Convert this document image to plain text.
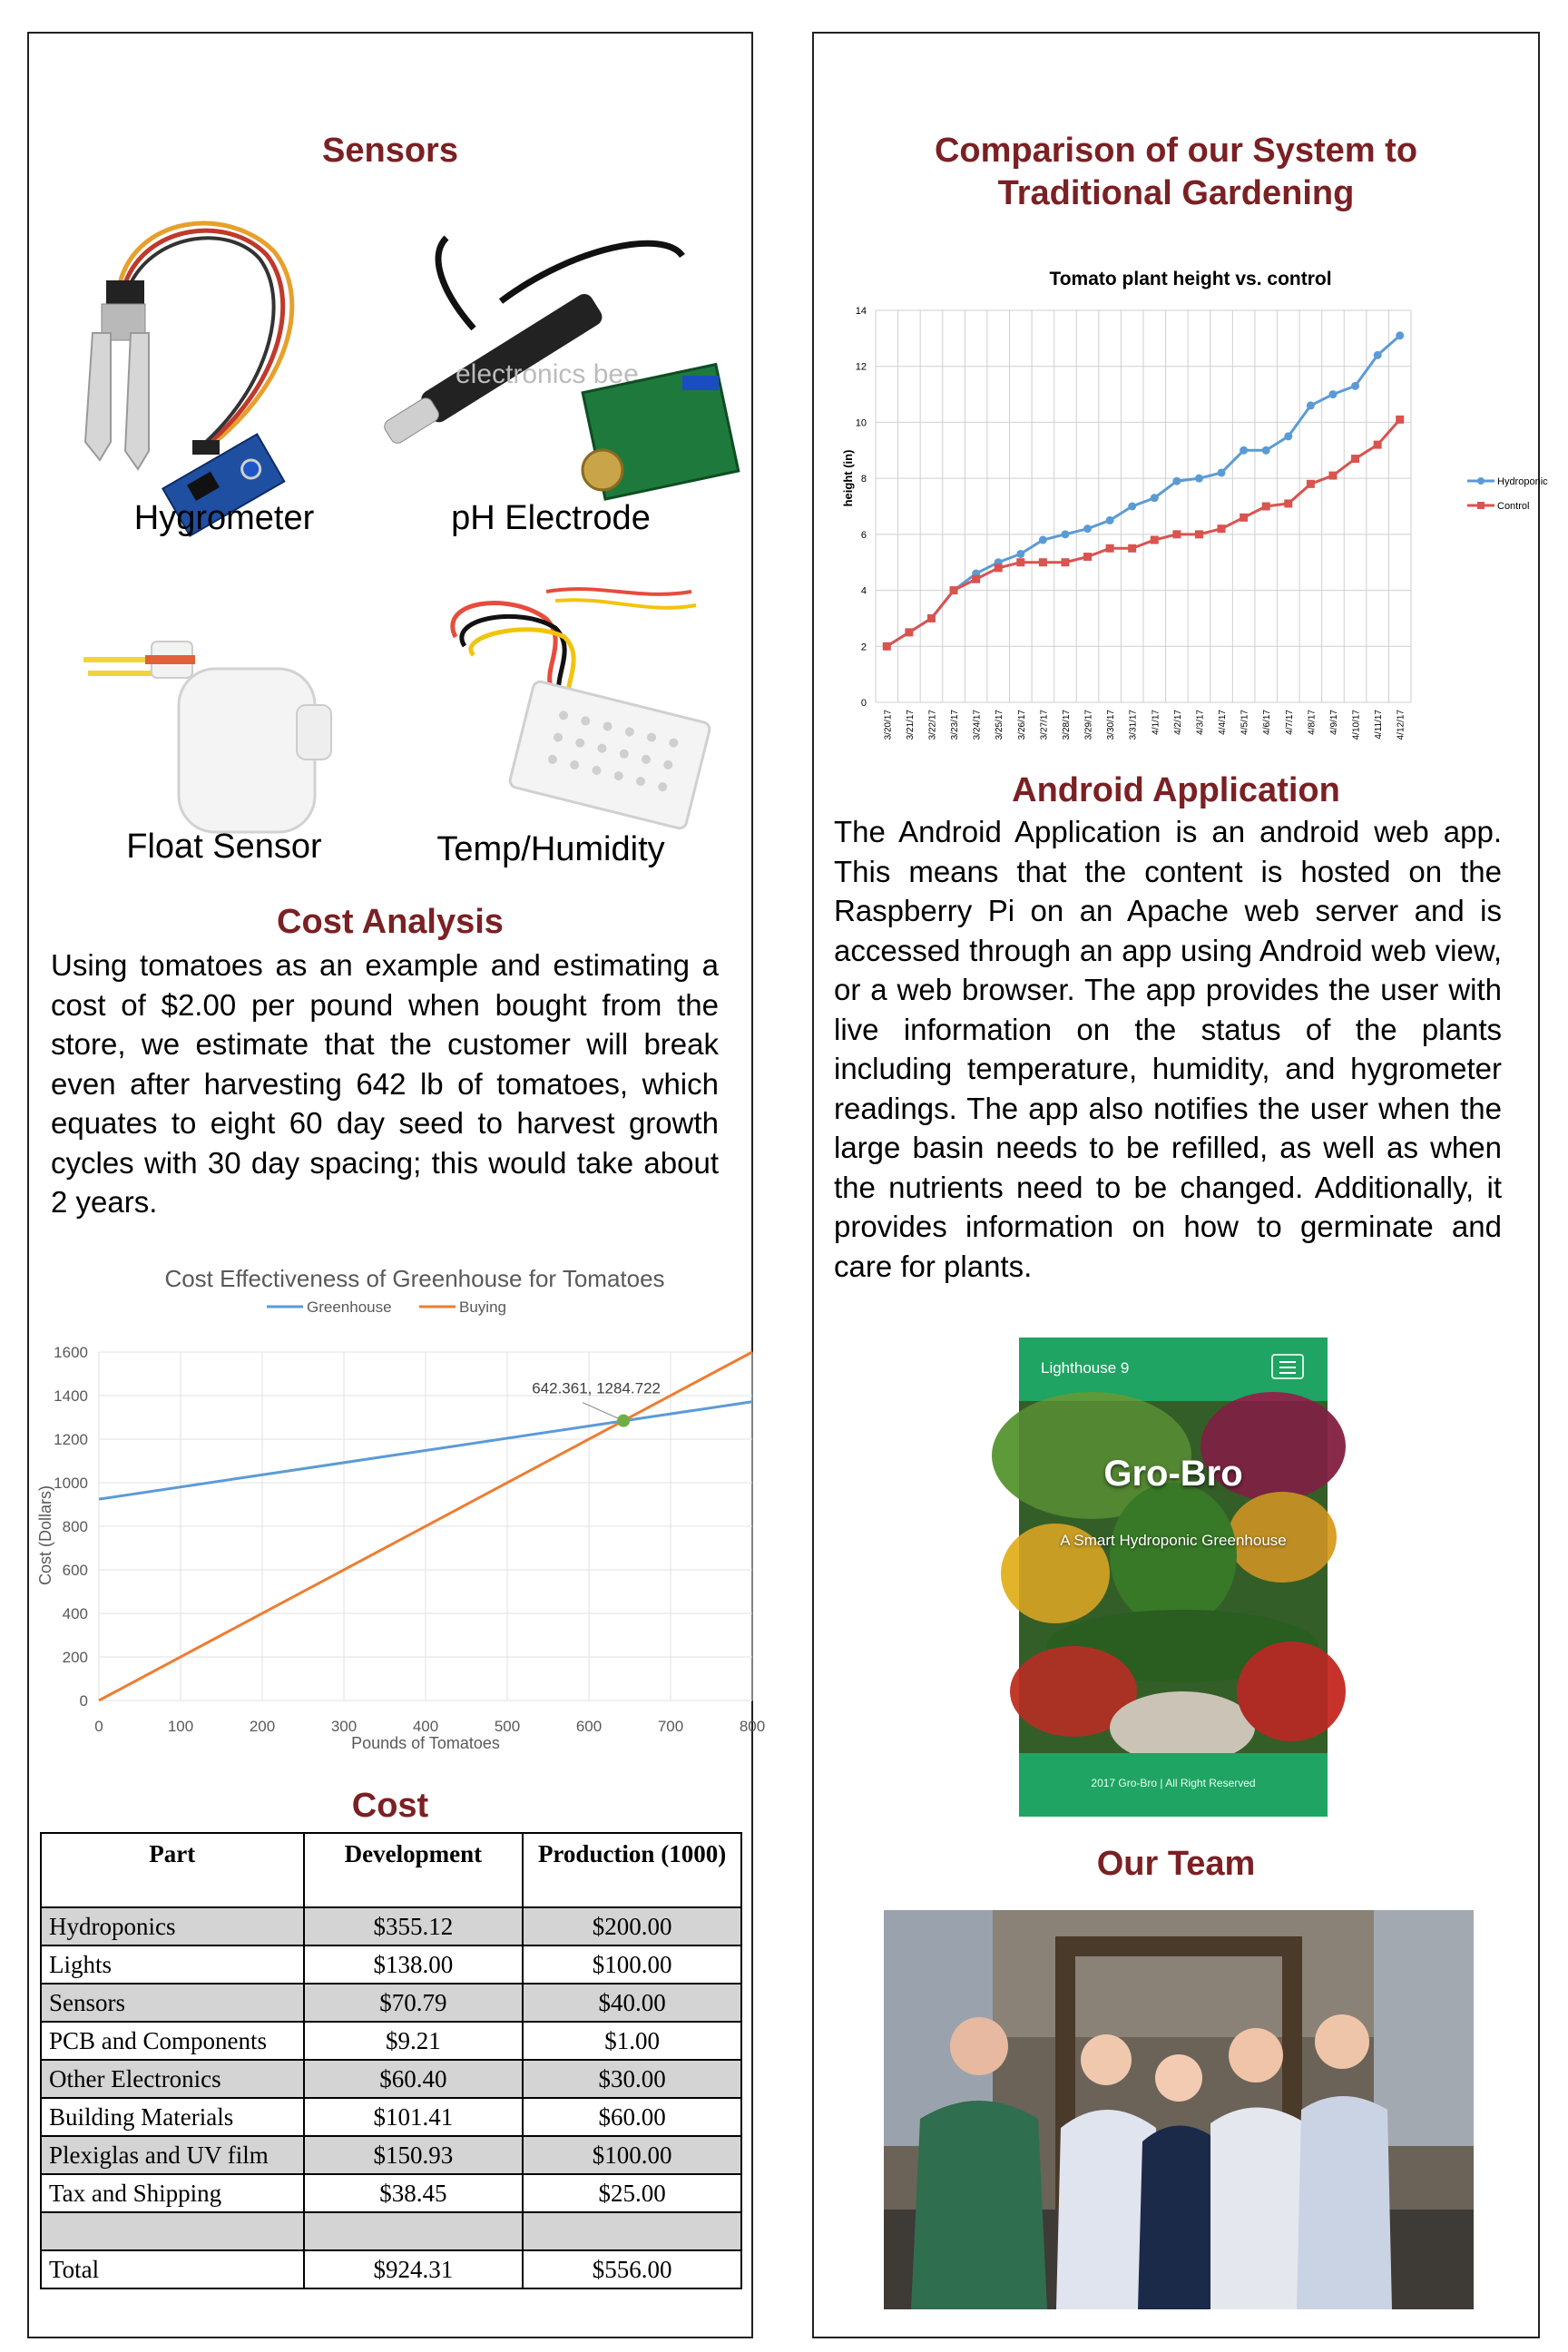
Sensors
Hygrometer
electronics bee
pH Electrode
Float Sensor	Temp/Humidity
Cost Analysis

Using tomatoes as an example and estimating a cost of $2.00 per pound when bought from the store, we estimate that the customer will break even after harvesting 642 lb of tomatoes, which equates to eight 60 day seed to harvest growth cycles with 30 day spacing; this would take about 2 years.

Cost Effectiveness of Greenhouse for Tomatoes
Greenhouse	Buying
0	100	200	300	400	500	600	700	800
0
200
400
600
800
1000
1200
1400
1600
642.361, 1284.722
Pounds of Tomatoes
Cost (Dollars)
Cost
Part	Development	Production (1000)
Hydroponics	$355.12	$200.00
Lights	$138.00	$100.00
Sensors	$70.79	$40.00
PCB and Components	$9.21	$1.00
Other Electronics	$60.40	$30.00
Building Materials	$101.41	$60.00
Plexiglas and UV film	$150.93	$100.00
Tax and Shipping	$38.45	$25.00

Total	$924.31	$556.00
Comparison of our System to
Traditional Gardening
Tomato plant height vs. control
height (in)
0
2
4
6
8
10
12
14
3/20/17 3/21/17 3/22/17 3/23/17 3/24/17 3/25/17 3/26/17 3/27/17 3/28/17 3/29/17 3/30/17 3/31/17 4/1/17 4/2/17 4/3/17 4/4/17 4/5/17 4/6/17 4/7/17 4/8/17 4/9/17 4/10/17 4/11/17 4/12/17
Hydroponic
Control
Android Application

The Android Application is an android web app. This means that the content is hosted on the Raspberry Pi on an Apache web server and is accessed through an app using Android web view, or a web browser. The app provides the user with live information on the status of the plants including temperature, humidity, and hygrometer readings. The app also notifies the user when the large basin needs to be refilled, as well as when the nutrients need to be changed. Additionally, it provides information on how to germinate and care for plants.

Lighthouse 9
Gro-Bro
A Smart Hydroponic Greenhouse
2017 Gro-Bro | All Right Reserved
Our Team
